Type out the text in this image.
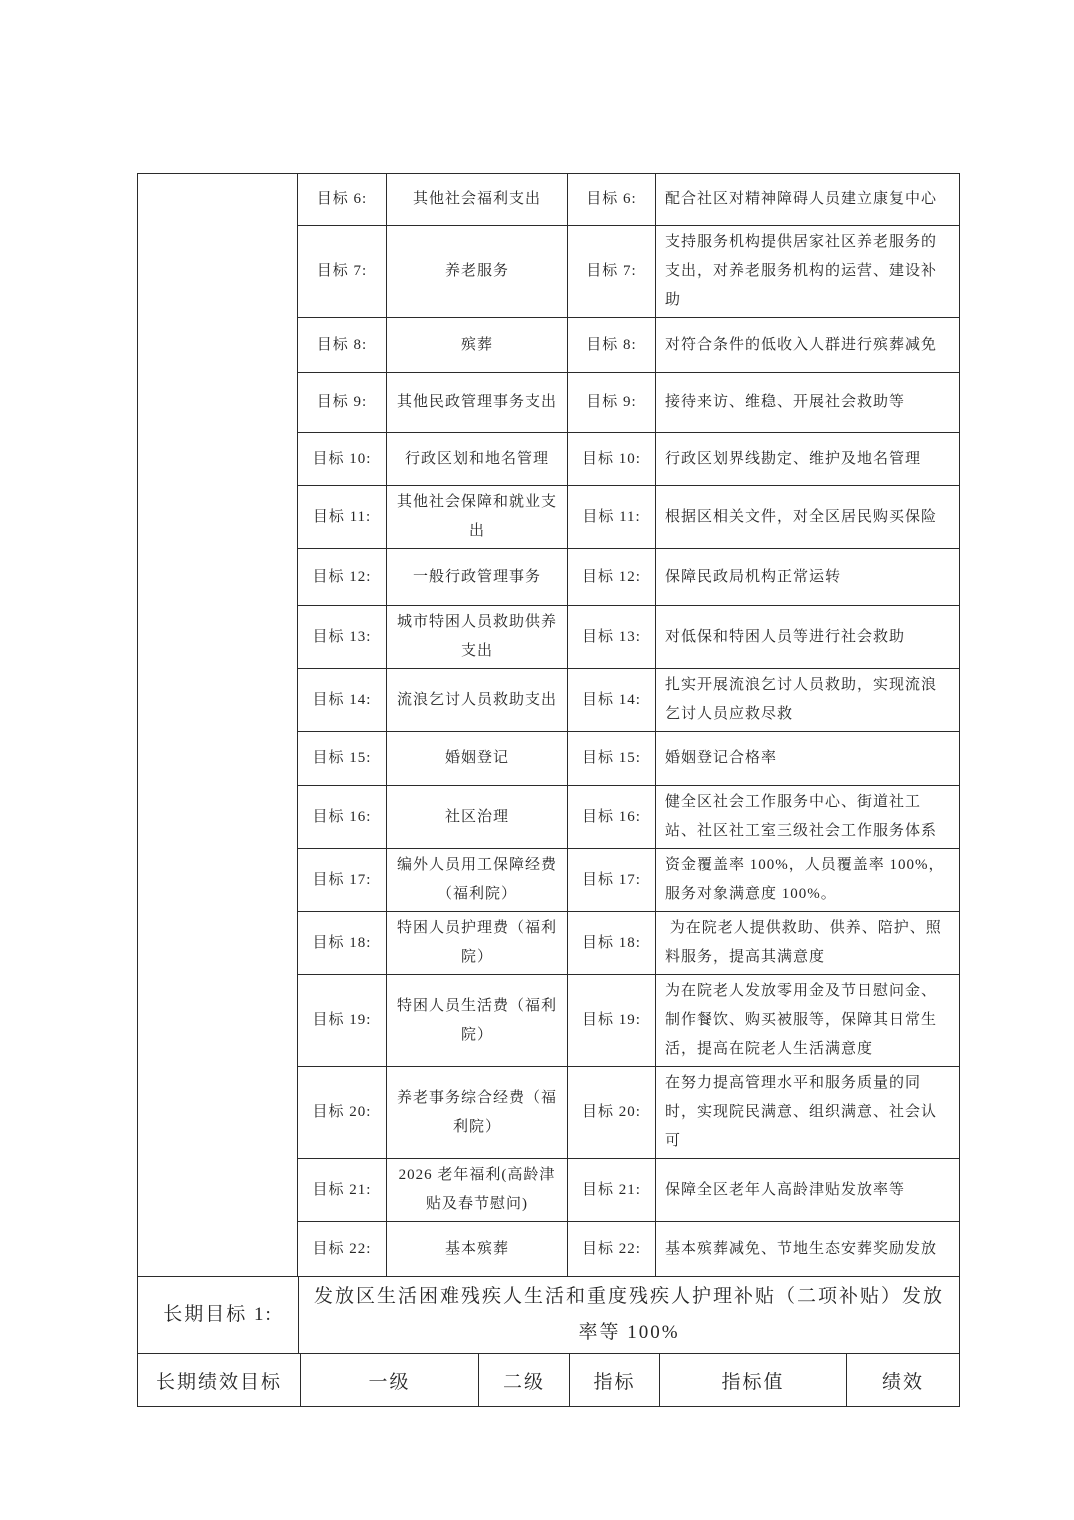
	目标 6:	其他社会福利支出	目标 6:	配合社区对精神障碍人员建立康复中心
	目标 7:	养老服务	目标 7:	支持服务机构提供居家社区养老服务的支出，对养老服务机构的运营、建设补助
	目标 8:	殡葬	目标 8:	对符合条件的低收入人群进行殡葬减免
	目标 9:	其他民政管理事务支出	目标 9:	接待来访、维稳、开展社会救助等
	目标 10:	行政区划和地名管理	目标 10:	行政区划界线勘定、维护及地名管理
	目标 11:	其他社会保障和就业支出	目标 11:	根据区相关文件，对全区居民购买保险
	目标 12:	一般行政管理事务	目标 12:	保障民政局机构正常运转
	目标 13:	城市特困人员救助供养支出	目标 13:	对低保和特困人员等进行社会救助
	目标 14:	流浪乞讨人员救助支出	目标 14:	扎实开展流浪乞讨人员救助，实现流浪乞讨人员应救尽救
	目标 15:	婚姻登记	目标 15:	婚姻登记合格率
	目标 16:	社区治理	目标 16:	健全区社会工作服务中心、街道社工站、社区社工室三级社会工作服务体系
	目标 17:	编外人员用工保障经费（福利院）	目标 17:	资金覆盖率 100%，人员覆盖率 100%，服务对象满意度 100%。
	目标 18:	特困人员护理费（福利院）	目标 18:	为在院老人提供救助、供养、陪护、照料服务，提高其满意度
	目标 19:	特困人员生活费（福利院）	目标 19:	为在院老人发放零用金及节日慰问金、制作餐饮、购买被服等，保障其日常生活，提高在院老人生活满意度
	目标 20:	养老事务综合经费（福利院）	目标 20:	在努力提高管理水平和服务质量的同时，实现院民满意、组织满意、社会认可
	目标 21:	2026 老年福利(高龄津贴及春节慰问)	目标 21:	保障全区老年人高龄津贴发放率等
	目标 22:	基本殡葬	目标 22:	基本殡葬减免、节地生态安葬奖励发放
长期目标 1:	发放区生活困难残疾人生活和重度残疾人护理补贴（二项补贴）发放率等 100%
长期绩效目标	一级	二级	指标	指标值	绩效
